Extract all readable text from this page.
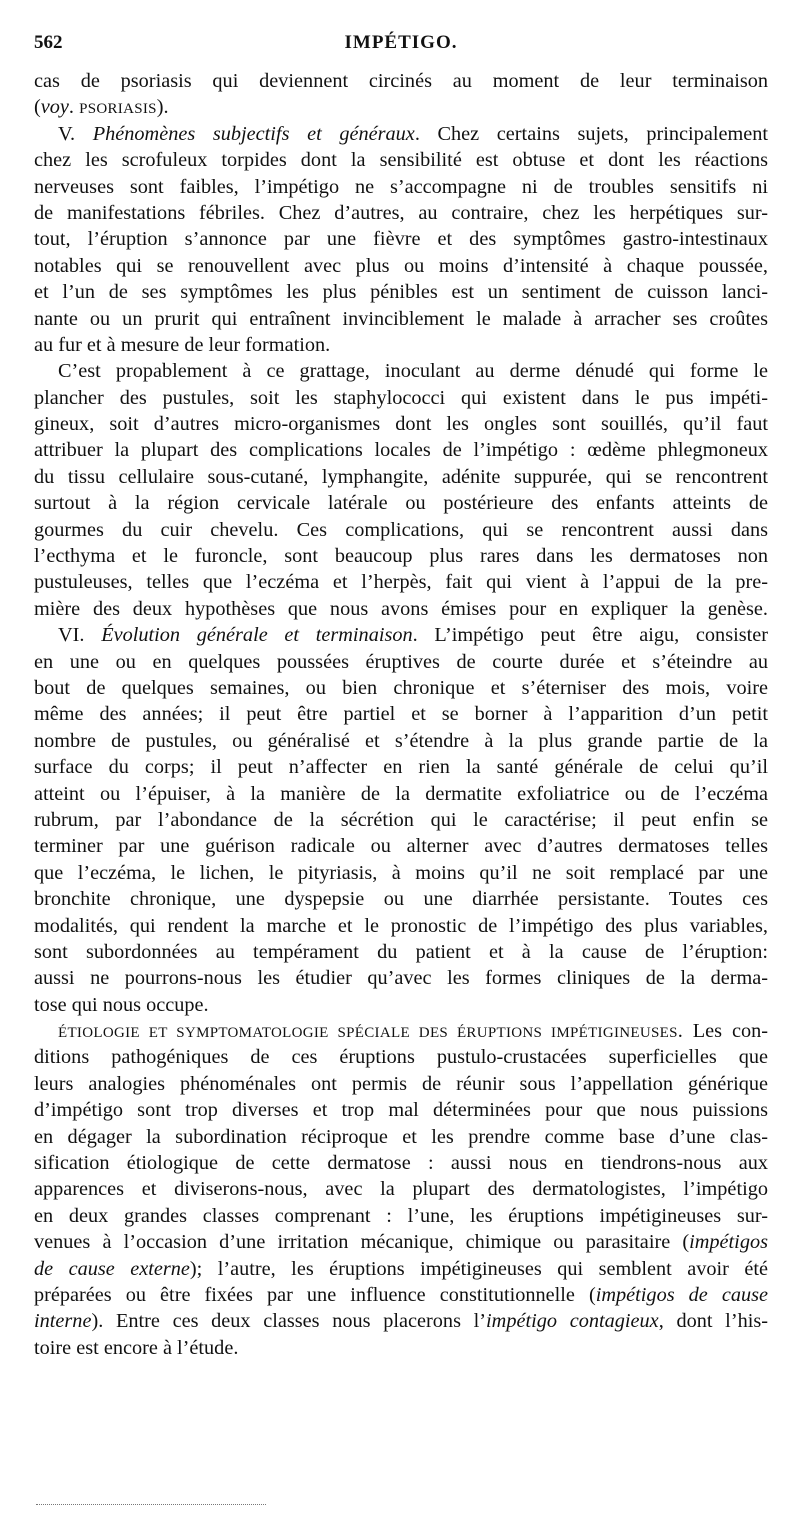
562	IMPÉTIGO.
cas de psoriasis qui deviennent circinés au moment de leur terminaison
(voy. PSORIASIS).
V. Phénomènes subjectifs et généraux. Chez certains sujets, principalement
chez les scrofuleux torpides dont la sensibilité est obtuse et dont les réactions
nerveuses sont faibles, l’impétigo ne s’accompagne ni de troubles sensitifs ni
de manifestations fébriles. Chez d’autres, au contraire, chez les herpétiques sur-
tout, l’éruption s’annonce par une fièvre et des symptômes gastro-intestinaux
notables qui se renouvellent avec plus ou moins d’intensité à chaque poussée,
et l’un de ses symptômes les plus pénibles est un sentiment de cuisson lanci-
nante ou un prurit qui entraînent invinciblement le malade à arracher ses croûtes
au fur et à mesure de leur formation.
C’est propablement à ce grattage, inoculant au derme dénudé qui forme le
plancher des pustules, soit les staphylococci qui existent dans le pus impéti-
gineux, soit d’autres micro-organismes dont les ongles sont souillés, qu’il faut
attribuer la plupart des complications locales de l’impétigo : œdème phlegmoneux
du tissu cellulaire sous-cutané, lymphangite, adénite suppurée, qui se rencontrent
surtout à la région cervicale latérale ou postérieure des enfants atteints de
gourmes du cuir chevelu. Ces complications, qui se rencontrent aussi dans
l’ecthyma et le furoncle, sont beaucoup plus rares dans les dermatoses non
pustuleuses, telles que l’eczéma et l’herpès, fait qui vient à l’appui de la pre-
mière des deux hypothèses que nous avons émises pour en expliquer la genèse.
VI. Évolution générale et terminaison. L’impétigo peut être aigu, consister
en une ou en quelques poussées éruptives de courte durée et s’éteindre au
bout de quelques semaines, ou bien chronique et s’éterniser des mois, voire
même des années; il peut être partiel et se borner à l’apparition d’un petit
nombre de pustules, ou généralisé et s’étendre à la plus grande partie de la
surface du corps; il peut n’affecter en rien la santé générale de celui qu’il
atteint ou l’épuiser, à la manière de la dermatite exfoliatrice ou de l’eczéma
rubrum, par l’abondance de la sécrétion qui le caractérise; il peut enfin se
terminer par une guérison radicale ou alterner avec d’autres dermatoses telles
que l’eczéma, le lichen, le pityriasis, à moins qu’il ne soit remplacé par une
bronchite chronique, une dyspepsie ou une diarrhée persistante. Toutes ces
modalités, qui rendent la marche et le pronostic de l’impétigo des plus variables,
sont subordonnées au tempérament du patient et à la cause de l’éruption:
aussi ne pourrons-nous les étudier qu’avec les formes cliniques de la derma-
tose qui nous occupe.
ÉTIOLOGIE ET SYMPTOMATOLOGIE SPÉCIALE DES ÉRUPTIONS IMPÉTIGINEUSES. Les con-
ditions pathogéniques de ces éruptions pustulo-crustacées superficielles que
leurs analogies phénoménales ont permis de réunir sous l’appellation générique
d’impétigo sont trop diverses et trop mal déterminées pour que nous puissions
en dégager la subordination réciproque et les prendre comme base d’une clas-
sification étiologique de cette dermatose : aussi nous en tiendrons-nous aux
apparences et diviserons-nous, avec la plupart des dermatologistes, l’impétigo
en deux grandes classes comprenant : l’une, les éruptions impétigineuses sur-
venues à l’occasion d’une irritation mécanique, chimique ou parasitaire (impétigos
de cause externe); l’autre, les éruptions impétigineuses qui semblent avoir été
préparées ou être fixées par une influence constitutionnelle (impétigos de cause
interne). Entre ces deux classes nous placerons l’impétigo contagieux, dont l’his-
toire est encore à l’étude.
